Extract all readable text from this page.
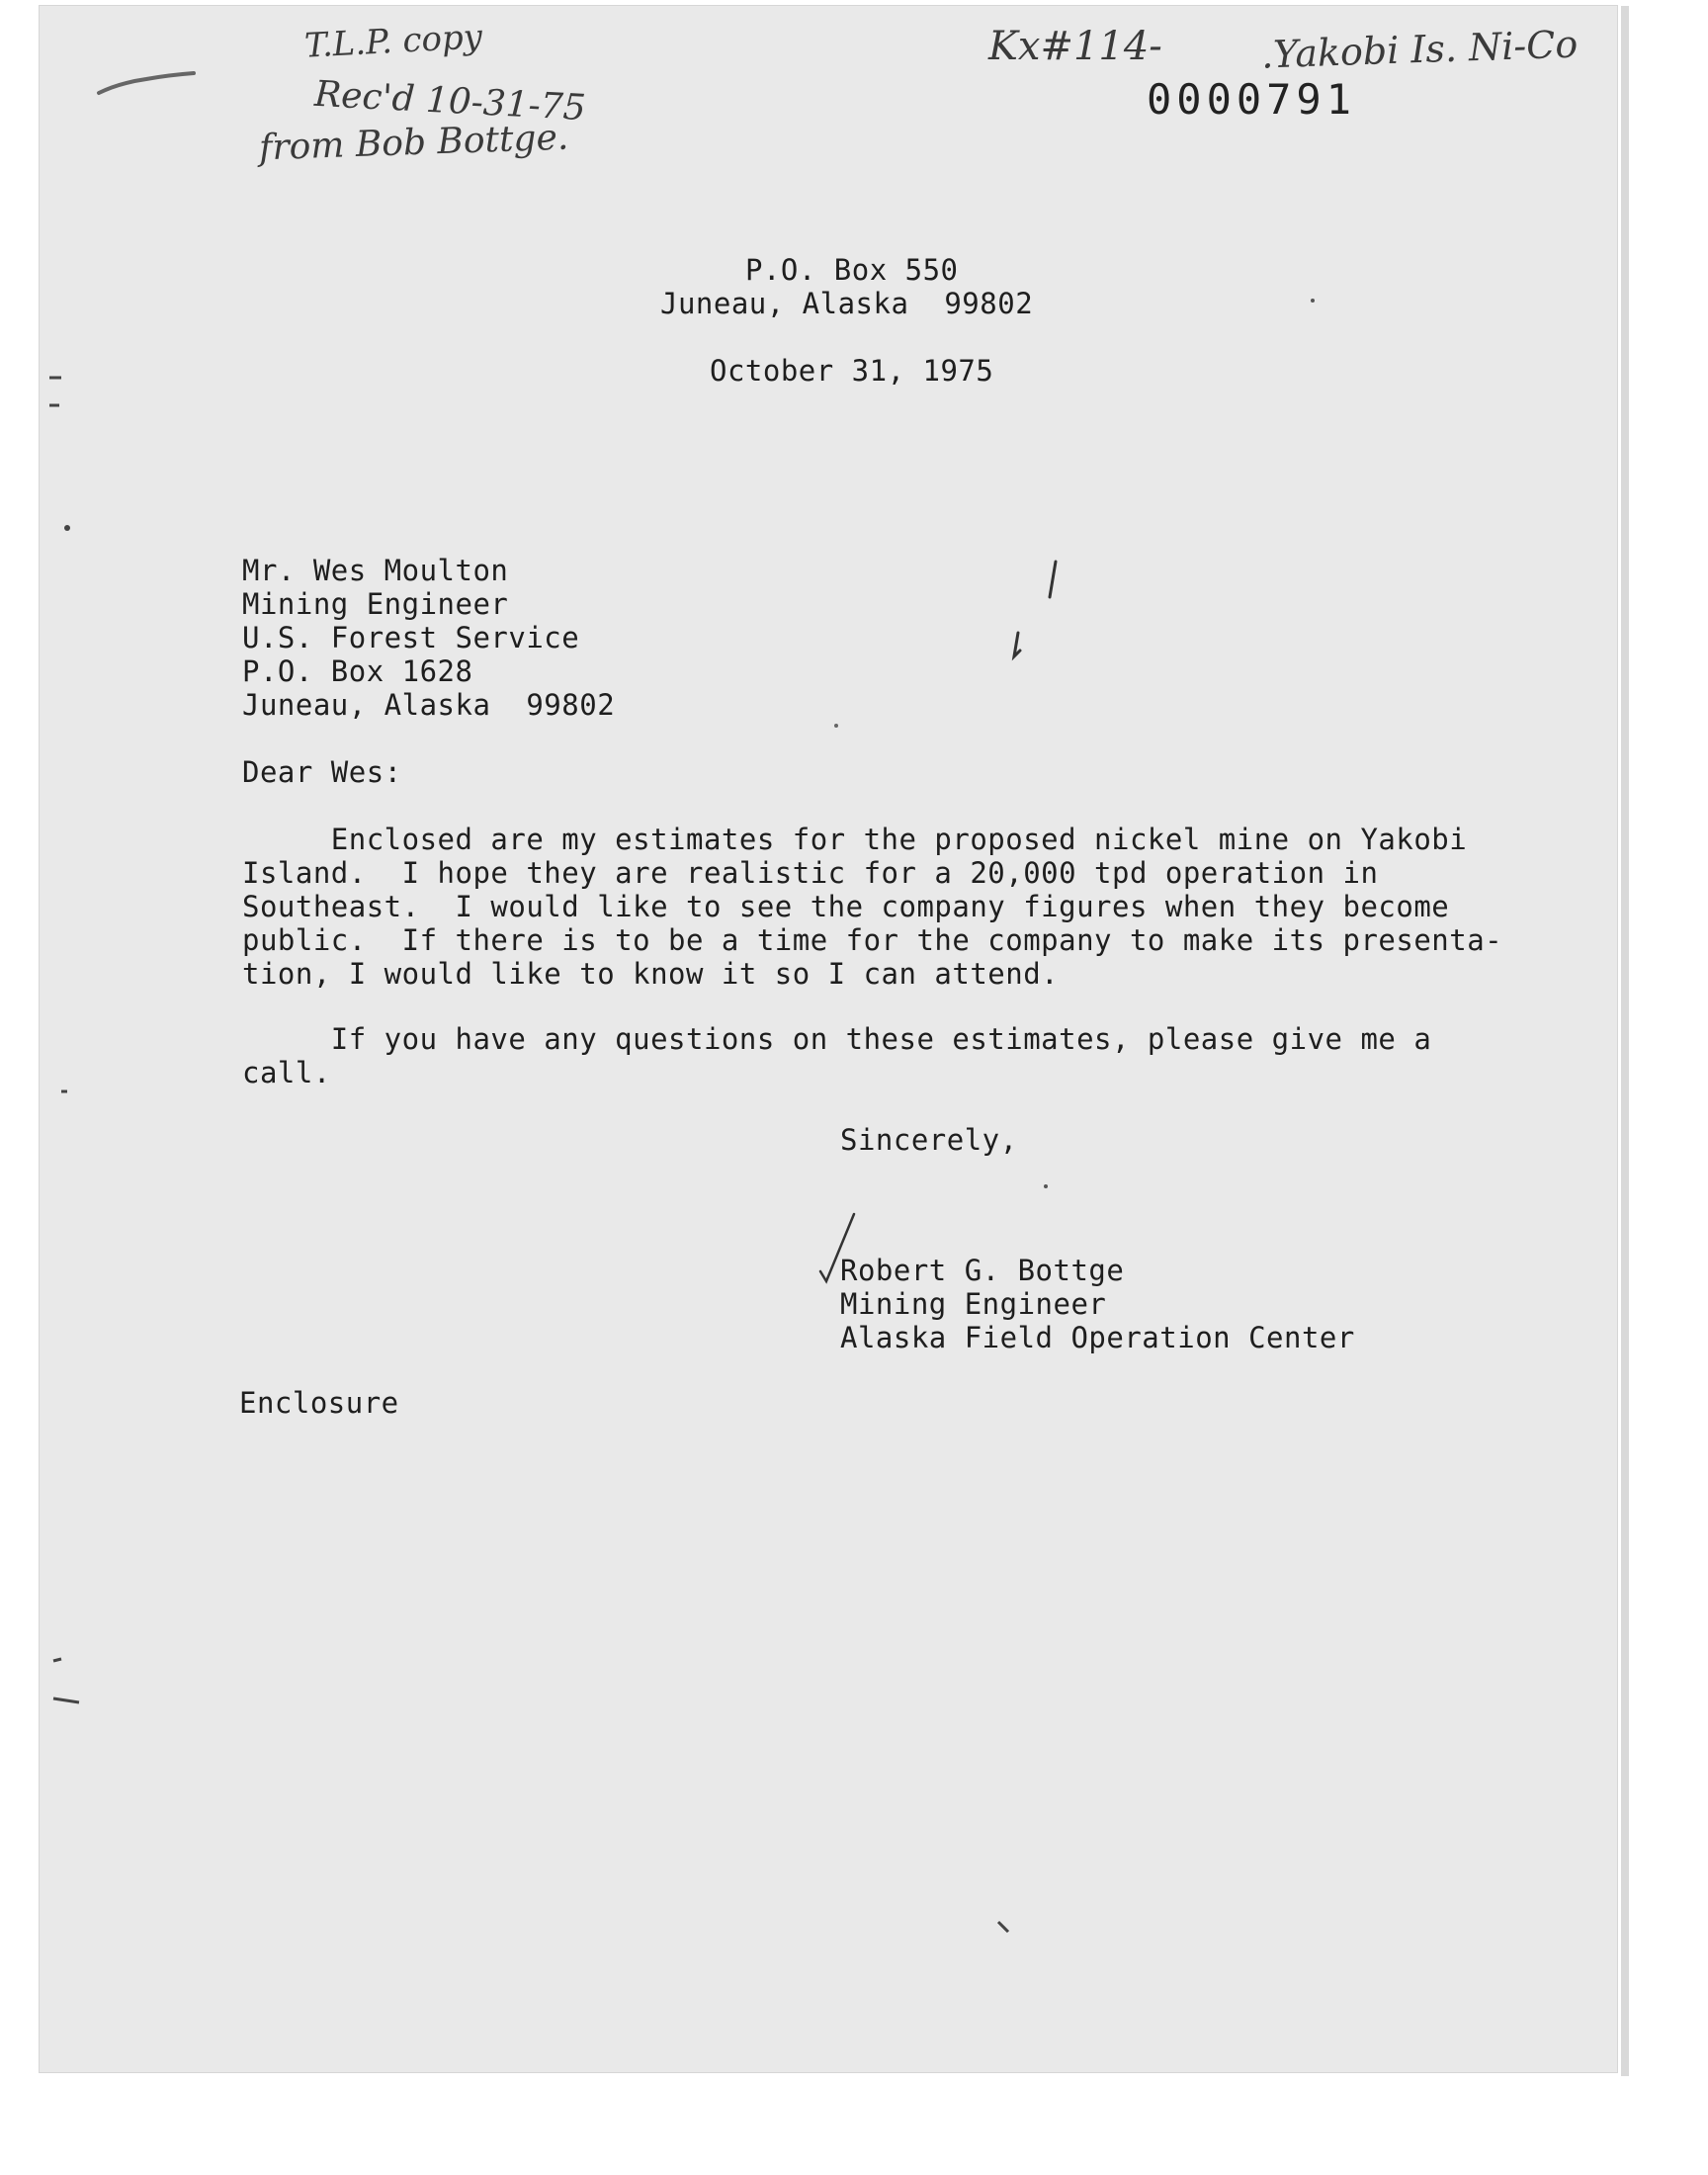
T.L.P. copy
Rec'd 10-31-75
from Bob Bottge.
Kx#114-	.Yakobi Is. Ni-Co
0000791
P.O. Box 550
Juneau, Alaska  99802
October 31, 1975
Mr. Wes Moulton
Mining Engineer
U.S. Forest Service
P.O. Box 1628
Juneau, Alaska  99802
Dear Wes:

Enclosed are my estimates for the proposed nickel mine on Yakobi

Island.  I hope they are realistic for a 20,000 tpd operation in

Southeast.  I would like to see the company figures when they become

public.  If there is to be a time for the company to make its presenta-

tion, I would like to know it so I can attend.

If you have any questions on these estimates, please give me a

call.

Sincerely,
Robert G. Bottge
Mining Engineer
Alaska Field Operation Center
Enclosure
